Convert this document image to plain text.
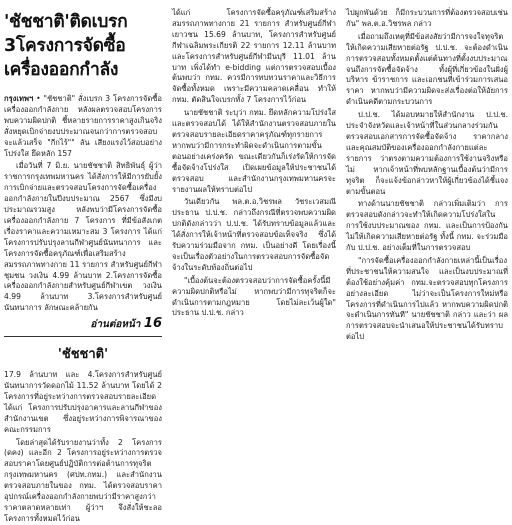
'ชัชชาติ'ติดเบรก
3โครงการจัดซื้อ
เครื่องออกกำลัง

กรุงเทพฯ • "ชัชชาติ" สั่งเบรก 3 โครงการจัดซื้อเครื่องออกกำลังกาย หลังผลตรวจสอบโครงการพบความผิดปกติ ชี้หลายรายการราคาสูงเกินจริง สั่งหยุดเบิกจ่ายงบประมาณจนกว่าการตรวจสอบจะแล้วเสร็จ "กีกไร้"" ลัน เสียงแรงไว้สอบอย่างโปร่งใส ยึดหลัก 157

เมื่อวันที่ 7 มิ.ย. นายชัชชาติ สิทธิพันธุ์ ผู้ว่าราชการกรุงเทพมหานคร ได้สั่งการให้มีการยับยั้งการเบิกจ่ายและตรวจสอบโครงการจัดซื้อเครื่องออกกำลังกายในปีงบประมาณ 2567 ซึ่งมีงบประมาณรวมสูง หลังพบว่ามีโครงการจัดซื้อเครื่องออกกำลังกาย 7 โครงการ ที่มีข้อสังเกตเรื่องราคาและความเหมาะสม 3 โครงการ ได้แก่ โครงการปรับปรุงลานกีฬาศูนย์นันทนาการ และโครงการจัดซื้อครุภัณฑ์เพื่อเสริมสร้างสมรรถภาพทางกาย 11 รายการ สำหรับศูนย์กีฬาชุมชน วงเงิน 4.99 ล้านบาท 2.โครงการจัดซื้อเครื่องออกกำลังกายสำหรับศูนย์กีฬาเขต วงเงิน 4.99 ล้านบาท 3.โครงการสำหรับศูนย์นันทนาการ ลักษณะคล้ายกัน

อ่านต่อหน้า 16
'ชัชชาติ'

17.9 ล้านบาท และ 4.โครงการสำหรับศูนย์นันทนาการวัดดอกไม้ 11.52 ล้านบาท โดยได้ 2 โครงการที่อยู่ระหว่างการตรวจสอบรายละเอียด ได้แก่ โครงการปรับปรุงอาคารและลานกีฬาของสำนักงานเขต ซึ่งอยู่ระหว่างการพิจารณาของคณะกรรมการ

โดยล่าสุดได้รับรายงานว่าทั้ง 2 โครงการ (ดคง) และอีก 2 โครงการอยู่ระหว่างการตรวจสอบราคาโดยศูนย์ปฏิบัติการต่อต้านการทุจริตกรุงเทพมหานคร (ศปท.กทม.) และสำนักงานตรวจสอบภายในของ กทม. ได้ตรวจสอบราคาอุปกรณ์เครื่องออกกำลังกายพบว่ามีราคาสูงกว่าราคาตลาดหลายเท่า ผู้ว่าฯ จึงสั่งให้ชะลอโครงการทั้งหมดไว้ก่อน

ได้แก่ โครงการจัดซื้อครุภัณฑ์เสริมสร้างสมรรถภาพทางกาย 21 รายการ สำหรับศูนย์กีฬาเยาวชน 15.69 ล้านบาท, โครงการสำหรับศูนย์กีฬาเฉลิมพระเกียรติ 22 รายการ 12.11 ล้านบาท และโครงการสำหรับศูนย์กีฬามีนบุรี 11.01 ล้านบาท เพิ่งได้ทำ e-bidding แต่การตรวจสอบเบื้องต้นพบว่า กทม. ควรมีการทบทวนราคาและวิธีการจัดซื้อทั้งหมด เพราะมีความคลาดเคลื่อน ทำให้ กทม. ตัดสินใจเบรกทั้ง 7 โครงการไว้ก่อน

นายชัชชาติ ระบุว่า กทม. ยึดหลักความโปร่งใสและตรวจสอบได้ ได้ให้สำนักงานตรวจสอบภายในตรวจสอบรายละเอียดราคาครุภัณฑ์ทุกรายการ หากพบว่ามีการกระทำผิดจะดำเนินการตามขั้นตอนอย่างเคร่งครัด ขณะเดียวกันก็เร่งรัดให้การจัดซื้อจัดจ้างโปร่งใส เปิดเผยข้อมูลให้ประชาชนได้ตรวจสอบ และสำนักงานกรุงเทพมหานครจะรายงานผลให้ทราบต่อไป

วันเดียวกัน พล.ต.อ.วิชรพล วัชระเวสมณี ประธาน ป.ป.ช. กล่าวถึงกรณีที่ตรวจพบความผิดปกติดังกล่าวว่า ป.ป.ช. ได้รับทราบข้อมูลแล้วและได้สั่งการให้เจ้าหน้าที่ตรวจสอบข้อเท็จจริง ซึ่งได้รับความร่วมมือจาก กทม. เป็นอย่างดี โดยเรื่องนี้จะเป็นเรื่องตัวอย่างในการตรวจสอบการจัดซื้อจัดจ้างในระดับท้องถิ่นต่อไป

"เบื้องต้นจะต้องตรวจสอบว่าการจัดซื้อครั้งนี้มีความผิดปกติหรือไม่ หากพบว่ามีการทุจริตก็จะดำเนินการตามกฎหมาย โดยไม่ละเว้นผู้ใด" ประธาน ป.ป.ช. กล่าว

ไปผูกพันด้วย ก็มีกระบวนการที่ต้องตรวจสอบเช่นกัน" พล.ต.อ.วิชรพล กล่าว

เมื่อถามถึงเหตุที่มีข้อสงสัยว่ามีการจงใจทุจริตให้เกิดความเสียหายต่อรัฐ ป.ป.ช. จะต้องดำเนินการตรวจสอบทั้งหมดตั้งแต่ต้นทางที่ตั้งงบประมาณ จนถึงการจัดซื้อจัดจ้าง ทั้งผู้ที่เกี่ยวข้องในฝั่งผู้บริหาร ข้าราชการ และเอกชนที่เข้าร่วมการเสนอราคา หากพบว่ามีความผิดจะส่งเรื่องต่อให้อัยการดำเนินคดีตามกระบวนการ

ป.ป.ช. ได้มอบหมายให้สำนักงาน ป.ป.ช. ประจำจังหวัดและเจ้าหน้าที่ในส่วนกลางร่วมกันตรวจสอบเอกสารการจัดซื้อจัดจ้าง ราคากลาง และคุณสมบัติของเครื่องออกกำลังกายแต่ละรายการ ว่าตรงตามความต้องการใช้งานจริงหรือไม่ หากเจ้าหน้าที่พบหลักฐานเบื้องต้นว่ามีการทุจริต ก็จะแจ้งข้อกล่าวหาให้ผู้เกี่ยวข้องได้ชี้แจงตามขั้นตอน

ทางด้านนายชัชชาติ กล่าวเพิ่มเติมว่า การตรวจสอบดังกล่าวจะทำให้เกิดความโปร่งใสในการใช้งบประมาณของ กทม. และเป็นการป้องกันไม่ให้เกิดความเสียหายต่อรัฐ ทั้งนี้ กทม. จะร่วมมือกับ ป.ป.ช. อย่างเต็มที่ในการตรวจสอบ

"การจัดซื้อเครื่องออกกำลังกายเหล่านี้เป็นเรื่องที่ประชาชนให้ความสนใจ และเป็นงบประมาณที่ต้องใช้อย่างคุ้มค่า กทม.จะตรวจสอบทุกโครงการอย่างละเอียด ไม่ว่าจะเป็นโครงการใหม่หรือโครงการที่ดำเนินการไปแล้ว หากพบความผิดปกติจะดำเนินการทันที" นายชัชชาติ กล่าว และว่า ผลการตรวจสอบจะนำเสนอให้ประชาชนได้รับทราบต่อไป
